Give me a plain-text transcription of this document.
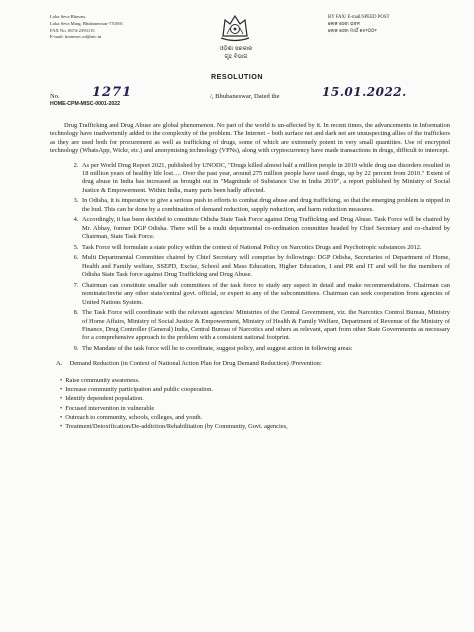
Loka Seva Bhavan,
Loka Seva Marg, Bhubaneswar-751001
FAX No. 0674-2393115
E-mail: homesec.od@nic.in
ଓଡ଼ିଶା ସରକାର
ଗୃହ ବିଭାଗ
BY FAX/ E-mail/SPEED POST
ଲୋକ ସେବା ଭବନ
ଲୋକ ସେବା ମାର୍ଗ ୭୫୧୦୦୧
RESOLUTION
No. 1271	/, Bhubaneswar, Dated the	15.01.2022.
HOME-CPM-MISC-0001-2022

Drug Trafficking and Drug Abuse are global phenomenon. No part of the world is un-affected by it. In recent times, the advancements in Information technology have inadvertently added to the complexity of the problem. The Internet – both surface net and dark net are unsuspecting allies of the traffickers as they are used both for procurement as well as trafficking of drugs, some of which are extremely potent in very small quantities. Use of encrypted technology (WhatsApp, Wickr, etc.) and anonymising technology (VPNs), along with cryptocurrency have made transactions in drugs, difficult to intercept.

2. As per World Drug Report 2021, published by UNODC, "Drugs killed almost half a million people in 2019 while drug use disorders resulted in 18 million years of healthy life lost…. Over the past year, around 275 million people have used drugs, up by 22 percent from 2010." Extent of drug abuse in India has increased as brought out in "Magnitude of Substance Use in India 2019", a report published by Ministry of Social Justice & Empowerment. Within India, many parts been badly affected.
3. In Odisha, it is imperative to give a serious push to efforts to combat drug abuse and drug trafficking, so that the emerging problem is nipped in the bud. This can be done by a combination of demand reduction, supply reduction, and harm reduction measures.
4. Accordingly, it has been decided to constitute Odisha State Task Force against Drug Trafficking and Drug Abuse. Task Force will be chaired by Mr. Abhay, former DGP Odisha. There will be a multi departmental co-ordination committee headed by Chief Secretary and co-chaired by Chairman, State Task Force.
5. Task Force will formulate a state policy within the context of National Policy on Narcotics Drugs and Psychotropic substances 2012.
6. Multi Departmental Committee chaired by Chief Secretary will comprise by followings: DGP Odisha, Secretaries of Department of Home, Health and Family welfare, SSEPD, Excise, School and Mass Education, Higher Education, I and PR and IT and will be the members of Odisha State Task force against Drug Trafficking and Drug Abuse.
7. Chairman can constitute smaller sub committees of the task force to study any aspect in detail and make recommendations. Chairman can nominate/invite any other state/central govt. official, or expert to any of the subcommittees. Chairman can seek cooperation from agencies of United Nations System.
8. The Task Force will coordinate with the relevant agencies/ Ministries of the Central Government, viz. the Narcotics Control Bureau, Ministry of Home Affairs, Ministry of Social Justice & Empowerment, Ministry of Health & Family Welfare, Department of Revenue of the Ministry of Finance, Drug Controller (General) India, Central Bureau of Narcotics and others as relevant, apart from other State Governments as necessary for a comprehensive approach to the problem with a consistent national footprint.
9. The Mandate of the task force will be to coordinate, suggest policy, and suggest action in following areas:
A. Demand Reduction (in Context of National Action Plan for Drug Demand Reduction) /Prevention:
• Raise community awareness.
• Increase community participation and public cooperation.
• Identify dependent population.
• Focused intervention in vulnerable
• Outreach to community, schools, colleges, and youth.
• Treatment/Detoxification/De-addiction/Rehabilitation (by Community, Govt. agencies,
